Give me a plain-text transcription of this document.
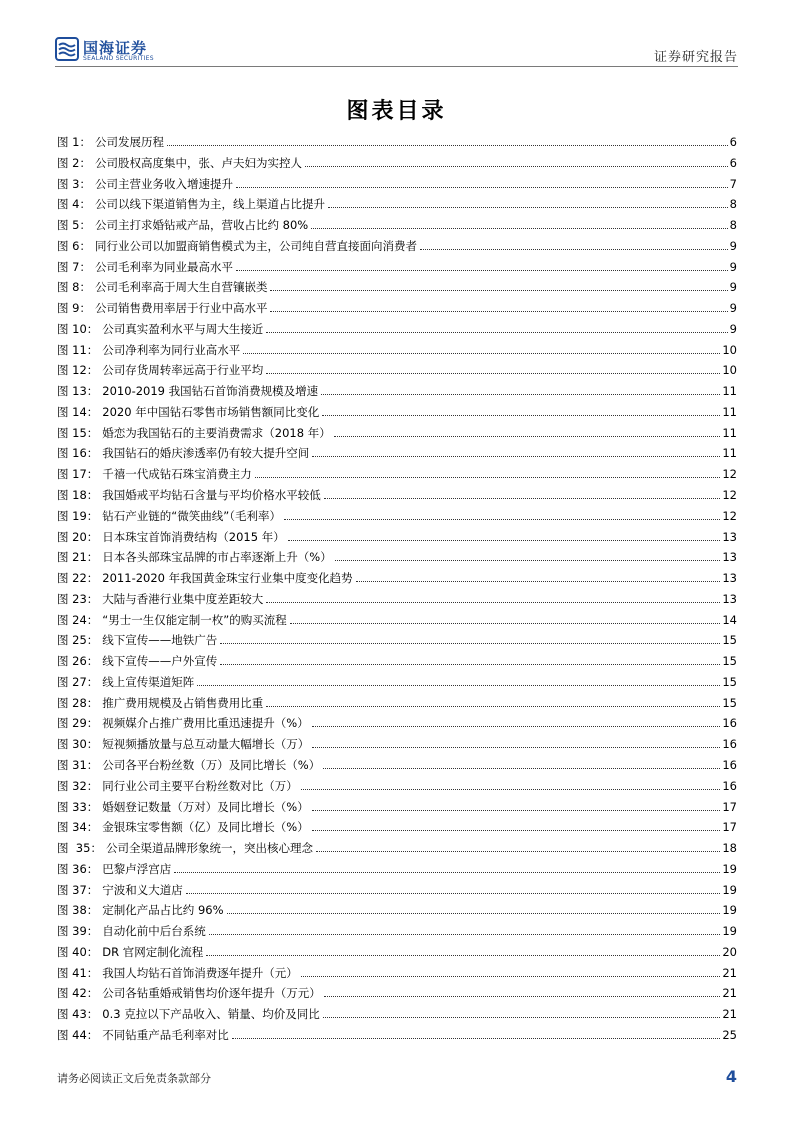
国海证券
SEALAND SECURITIES	证券研究报告
图表目录
图 1： 公司发展历程	6
图 2： 公司股权高度集中，张、卢夫妇为实控人	6
图 3： 公司主营业务收入增速提升	7
图 4： 公司以线下渠道销售为主，线上渠道占比提升	8
图 5： 公司主打求婚钻戒产品，营收占比约 80%	8
图 6： 同行业公司以加盟商销售模式为主，公司纯自营直接面向消费者	9
图 7： 公司毛利率为同业最高水平	9
图 8： 公司毛利率高于周大生自营镶嵌类	9
图 9： 公司销售费用率居于行业中高水平	9
图 10： 公司真实盈利水平与周大生接近	9
图 11： 公司净利率为同行业高水平	10
图 12： 公司存货周转率远高于行业平均	10
图 13： 2010-2019 我国钻石首饰消费规模及增速	11
图 14： 2020 年中国钻石零售市场销售额同比变化	11
图 15： 婚恋为我国钻石的主要消费需求（2018 年）	11
图 16： 我国钻石的婚庆渗透率仍有较大提升空间	11
图 17： 千禧一代成钻石珠宝消费主力	12
图 18： 我国婚戒平均钻石含量与平均价格水平较低	12
图 19： 钻石产业链的“微笑曲线”（毛利率）	12
图 20： 日本珠宝首饰消费结构（2015 年）	13
图 21： 日本各头部珠宝品牌的市占率逐渐上升（%）	13
图 22： 2011-2020 年我国黄金珠宝行业集中度变化趋势	13
图 23： 大陆与香港行业集中度差距较大	13
图 24： “男士一生仅能定制一枚”的购买流程	14
图 25： 线下宣传——地铁广告	15
图 26： 线下宣传——户外宣传	15
图 27： 线上宣传渠道矩阵	15
图 28： 推广费用规模及占销售费用比重	15
图 29： 视频媒介占推广费用比重迅速提升（%）	16
图 30： 短视频播放量与总互动量大幅增长（万）	16
图 31： 公司各平台粉丝数（万）及同比增长（%）	16
图 32： 同行业公司主要平台粉丝数对比（万）	16
图 33： 婚姻登记数量（万对）及同比增长（%）	17
图 34： 金银珠宝零售额（亿）及同比增长（%）	17
图  35： 公司全渠道品牌形象统一，突出核心理念	18
图 36： 巴黎卢浮宫店	19
图 37： 宁波和义大道店	19
图 38： 定制化产品占比约 96%	19
图 39： 自动化前中后台系统	19
图 40： DR 官网定制化流程	20
图 41： 我国人均钻石首饰消费逐年提升（元）	21
图 42： 公司各钻重婚戒销售均价逐年提升（万元）	21
图 43： 0.3 克拉以下产品收入、销量、均价及同比	21
图 44： 不同钻重产品毛利率对比	25
请务必阅读正文后免责条款部分	4
